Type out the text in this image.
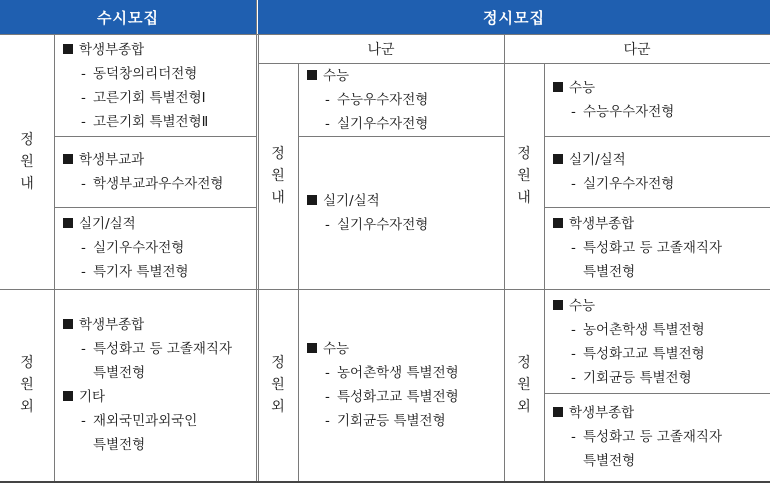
수시모집	정시모집
나군	다군
정
원
내
정
원
외
정
원
내
정
원
외
정
원
내
정
원
외
학생부종합
- 동덕창의리더전형
- 고른기회 특별전형Ⅰ
- 고른기회 특별전형Ⅱ
학생부교과
- 학생부교과우수자전형
실기/실적
- 실기우수자전형
- 특기자 특별전형
학생부종합
- 특성화고 등 고졸재직자
특별전형
기타
- 재외국민과외국인
특별전형
수능
- 수능우수자전형
- 실기우수자전형
실기/실적
- 실기우수자전형
수능
- 농어촌학생 특별전형
- 특성화고교 특별전형
- 기회균등 특별전형
수능
- 수능우수자전형
실기/실적
- 실기우수자전형
학생부종합
- 특성화고 등 고졸재직자
특별전형
수능
- 농어촌학생 특별전형
- 특성화고교 특별전형
- 기회균등 특별전형
학생부종합
- 특성화고 등 고졸재직자
특별전형
